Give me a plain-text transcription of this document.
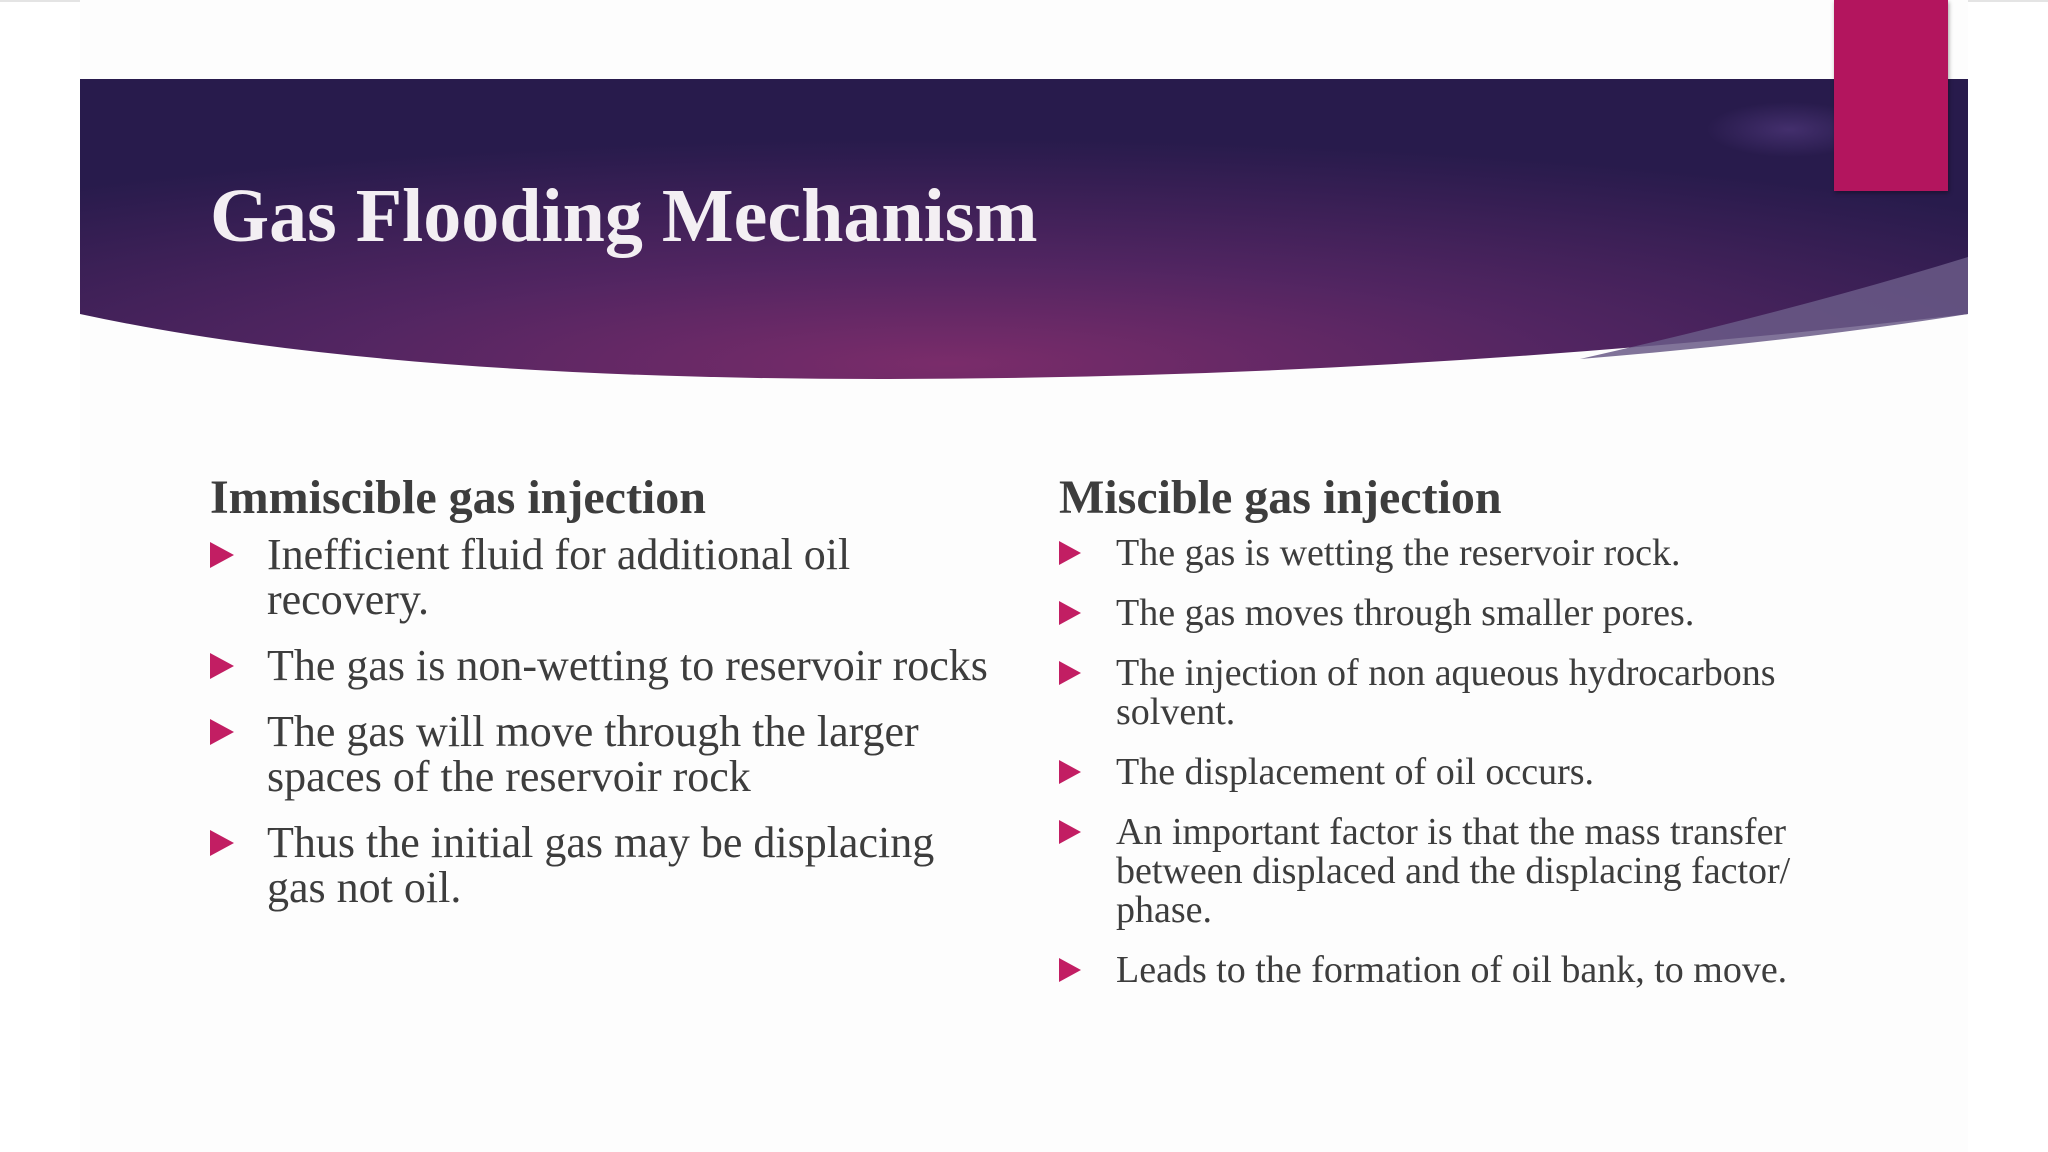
Gas Flooding Mechanism
Immiscible gas injection
Inefficient fluid for additional oil recovery.
The gas is non-wetting to reservoir rocks
The gas will move through the larger spaces of the reservoir rock
Thus the initial gas may be displacing gas not oil.
Miscible gas injection
The gas is wetting the reservoir rock.
The gas moves through smaller pores.
The injection of non aqueous hydrocarbons solvent.
The displacement of oil occurs.
An important factor is that the mass transfer between displaced and the displacing factor/ phase.
Leads to the formation of oil bank, to move.
